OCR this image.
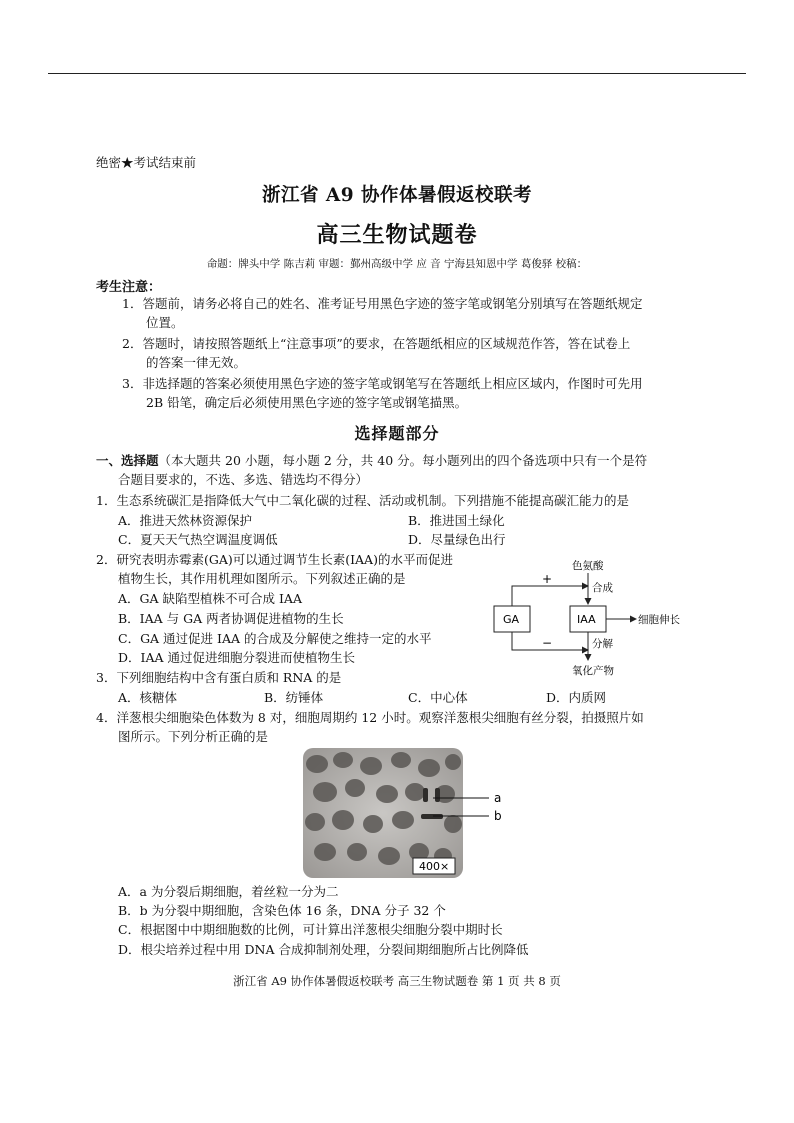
绝密★考试结束前
浙江省 A9 协作体暑假返校联考
高三生物试题卷
命题：牌头中学 陈吉莉 审题：鄞州高级中学 应 音 宁海县知恩中学 葛俊驿 校稿：
考生注意：
1．答题前，请务必将自己的姓名、准考证号用黑色字迹的签字笔或钢笔分别填写在答题纸规定
位置。
2．答题时，请按照答题纸上“注意事项”的要求，在答题纸相应的区域规范作答，答在试卷上
的答案一律无效。
3．非选择题的答案必须使用黑色字迹的签字笔或钢笔写在答题纸上相应区域内，作图时可先用
2B 铅笔，确定后必须使用黑色字迹的签字笔或钢笔描黑。
选择题部分
一、选择题（本大题共 20 小题，每小题 2 分，共 40 分。每小题列出的四个备选项中只有一个是符
合题目要求的，不选、多选、错选均不得分）
1．生态系统碳汇是指降低大气中二氧化碳的过程、活动或机制。下列措施不能提高碳汇能力的是
A．推进天然林资源保护	B．推进国土绿化
C．夏天天气热空调温度调低	D．尽量绿色出行
2．研究表明赤霉素(GA)可以通过调节生长素(IAA)的水平而促进
植物生长，其作用机理如图所示。下列叙述正确的是
A．GA 缺陷型植株不可合成 IAA
B．IAA 与 GA 两者协调促进植物的生长
C．GA 通过促进 IAA 的合成及分解使之维持一定的水平
D．IAA 通过促进细胞分裂进而使植物生长
色氨酸
合成
GA	IAA	细胞伸长
+
−	分解
氧化产物
3．下列细胞结构中含有蛋白质和 RNA 的是
A．核糖体	B．纺锤体	C．中心体	D．内质网
4．洋葱根尖细胞染色体数为 8 对，细胞周期约 12 小时。观察洋葱根尖细胞有丝分裂，拍摄照片如
图所示。下列分析正确的是
a
b
400×
A．a 为分裂后期细胞，着丝粒一分为二
B．b 为分裂中期细胞，含染色体 16 条，DNA 分子 32 个
C．根据图中中期细胞数的比例，可计算出洋葱根尖细胞分裂中期时长
D．根尖培养过程中用 DNA 合成抑制剂处理，分裂间期细胞所占比例降低
浙江省 A9 协作体暑假返校联考 高三生物试题卷 第 1 页 共 8 页
